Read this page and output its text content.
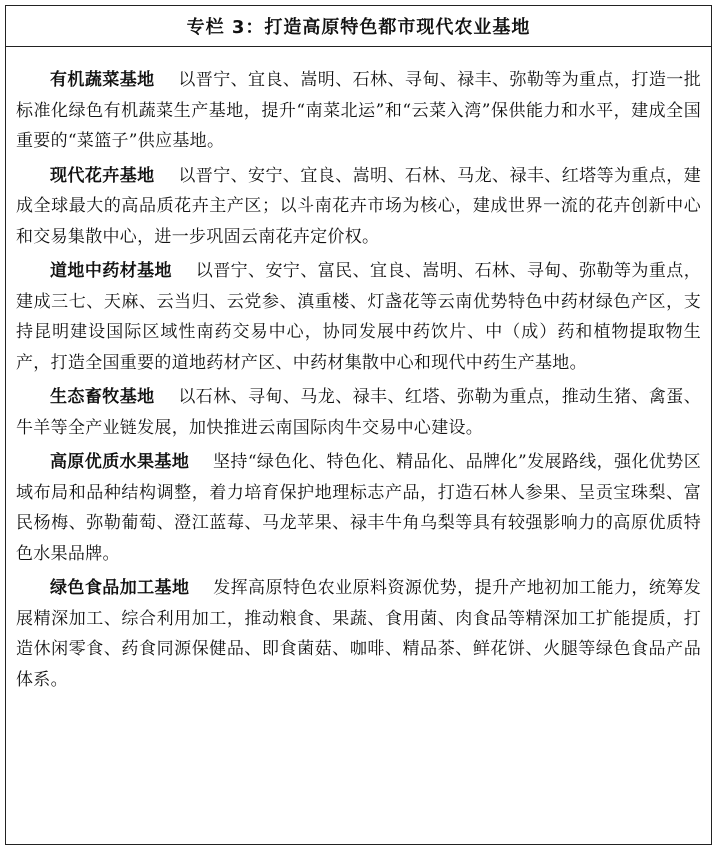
专栏 3：打造高原特色都市现代农业基地

有机蔬菜基地 以晋宁、宜良、嵩明、石林、寻甸、禄丰、弥勒等为重点，打造一批标准化绿色有机蔬菜生产基地，提升“南菜北运”和“云菜入湾”保供能力和水平，建成全国重要的“菜篮子”供应基地。

现代花卉基地 以晋宁、安宁、宜良、嵩明、石林、马龙、禄丰、红塔等为重点，建成全球最大的高品质花卉主产区；以斗南花卉市场为核心，建成世界一流的花卉创新中心和交易集散中心，进一步巩固云南花卉定价权。

道地中药材基地 以晋宁、安宁、富民、宜良、嵩明、石林、寻甸、弥勒等为重点，建成三七、天麻、云当归、云党参、滇重楼、灯盏花等云南优势特色中药材绿色产区，支持昆明建设国际区域性南药交易中心，协同发展中药饮片、中（成）药和植物提取物生产，打造全国重要的道地药材产区、中药材集散中心和现代中药生产基地。

生态畜牧基地 以石林、寻甸、马龙、禄丰、红塔、弥勒为重点，推动生猪、禽蛋、牛羊等全产业链发展，加快推进云南国际肉牛交易中心建设。

高原优质水果基地 坚持“绿色化、特色化、精品化、品牌化”发展路线，强化优势区域布局和品种结构调整，着力培育保护地理标志产品，打造石林人参果、呈贡宝珠梨、富民杨梅、弥勒葡萄、澄江蓝莓、马龙苹果、禄丰牛角乌梨等具有较强影响力的高原优质特色水果品牌。

绿色食品加工基地 发挥高原特色农业原料资源优势，提升产地初加工能力，统筹发展精深加工、综合利用加工，推动粮食、果蔬、食用菌、肉食品等精深加工扩能提质，打造休闲零食、药食同源保健品、即食菌菇、咖啡、精品茶、鲜花饼、火腿等绿色食品产品体系。
